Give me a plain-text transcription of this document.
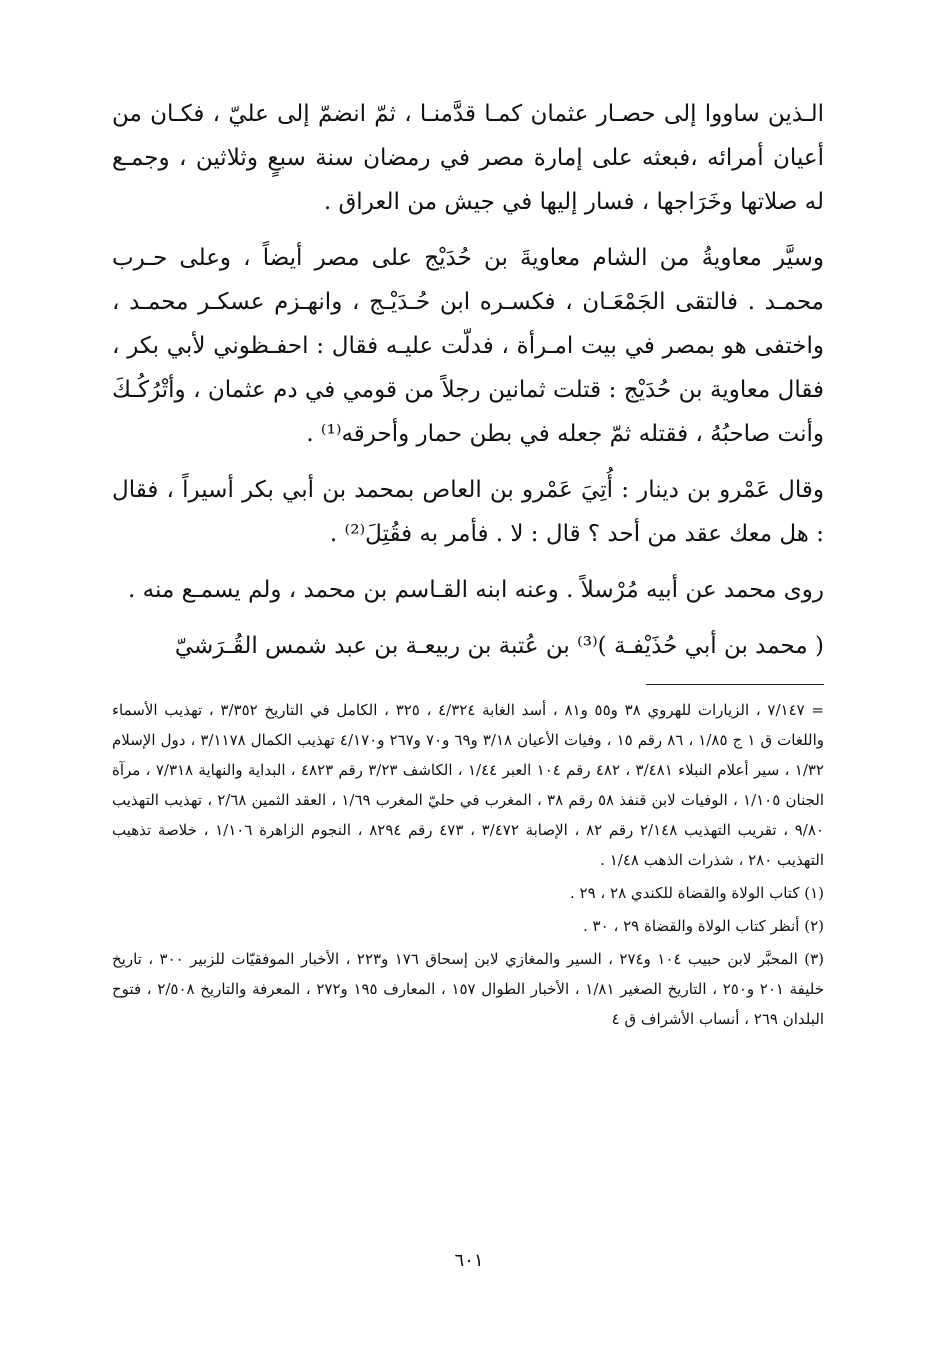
الـذين ساووا إلى حصـار عثمان كمـا قدَّمنـا ، ثمّ انضمّ إلى عليّ ، فكـان من أعيان أمرائه ،فبعثه على إمارة مصر في رمضان سنة سبعٍ وثلاثين ، وجمـع له صلاتها وخَرَاجها ، فسار إليها في جيش من العراق .

وسيَّر معاويةُ من الشام معاويةَ بن حُدَيْج على مصر أيضاً ، وعلى حـرب محمـد . فالتقى الجَمْعَـان ، فكسـره ابن حُـدَيْـج ، وانهـزم عسكـر محمـد ، واختفى هو بمصر في بيت امـرأة ، فدلّت عليـه فقال : احفـظوني لأبي بكر ، فقال معاوية بن حُدَيْج : قتلت ثمانين رجلاً من قومي في دم عثمان ، وأتْرُكُـكَ وأنت صاحبُهُ ، فقتله ثمّ جعله في بطن حمار وأحرقه⁽¹⁾ .

وقال عَمْرو بن دينار : أُتِيَ عَمْرو بن العاص بمحمد بن أبي بكر أسيراً ، فقال : هل معك عقد من أحد ؟ قال : لا . فأمر به فقُتِلَ⁽²⁾ .

روى محمد عن أبيه مُرْسلاً . وعنه ابنه القـاسم بن محمد ، ولم يسمـع منه .

( محمد بن أبي حُذَيْفـة )⁽³⁾ بن عُتبة بن ربيعـة بن عبد شمس القُـرَشيّ

= ٧/١٤٧ ، الزيارات للهروي ٣٨ و٥٥ و٨١ ، أسد الغابة ٤/٣٢٤ ، ٣٢٥ ، الكامل في التاريخ ٣/٣٥٢ ، تهذيب الأسماء واللغات ق ١ ج ١/٨٥ ، ٨٦ رقم ١٥ ، وفيات الأعيان ٣/١٨ و٦٩ و٧٠ و٢٦٧ و٤/١٧٠ تهذيب الكمال ٣/١١٧٨ ، دول الإسلام ١/٣٢ ، سير أعلام النبلاء ٣/٤٨١ ، ٤٨٢ رقم ١٠٤ العبر ١/٤٤ ، الكاشف ٣/٢٣ رقم ٤٨٢٣ ، البداية والنهاية ٧/٣١٨ ، مرآة الجنان ١/١٠٥ ، الوفيات لابن قنفذ ٥٨ رقم ٣٨ ، المغرب في حليّ المغرب ١/٦٩ ، العقد الثمين ٢/٦٨ ، تهذيب التهذيب ٩/٨٠ ، تقريب التهذيب ٢/١٤٨ رقم ٨٢ ، الإصابة ٣/٤٧٢ ، ٤٧٣ رقم ٨٢٩٤ ، النجوم الزاهرة ١/١٠٦ ، خلاصة تذهيب التهذيب ٢٨٠ ، شذرات الذهب ١/٤٨ .

(١) كتاب الولاة والقضاة للكندي ٢٨ ، ٢٩ .

(٢) أنظر كتاب الولاة والقضاة ٢٩ ، ٣٠ .

(٣) المحبَّر لابن حبيب ١٠٤ و٢٧٤ ، السير والمغازي لابن إسحاق ١٧٦ و٢٢٣ ، الأخبار الموفقيّات للزبير ٣٠٠ ، تاريخ خليفة ٢٠١ و٢٥٠ ، التاريخ الصغير ١/٨١ ، الأخبار الطوال ١٥٧ ، المعارف ١٩٥ و٢٧٢ ، المعرفة والتاريخ ٢/٥٠٨ ، فتوح البلدان ٢٦٩ ، أنساب الأشراف ق ٤

٦٠١
